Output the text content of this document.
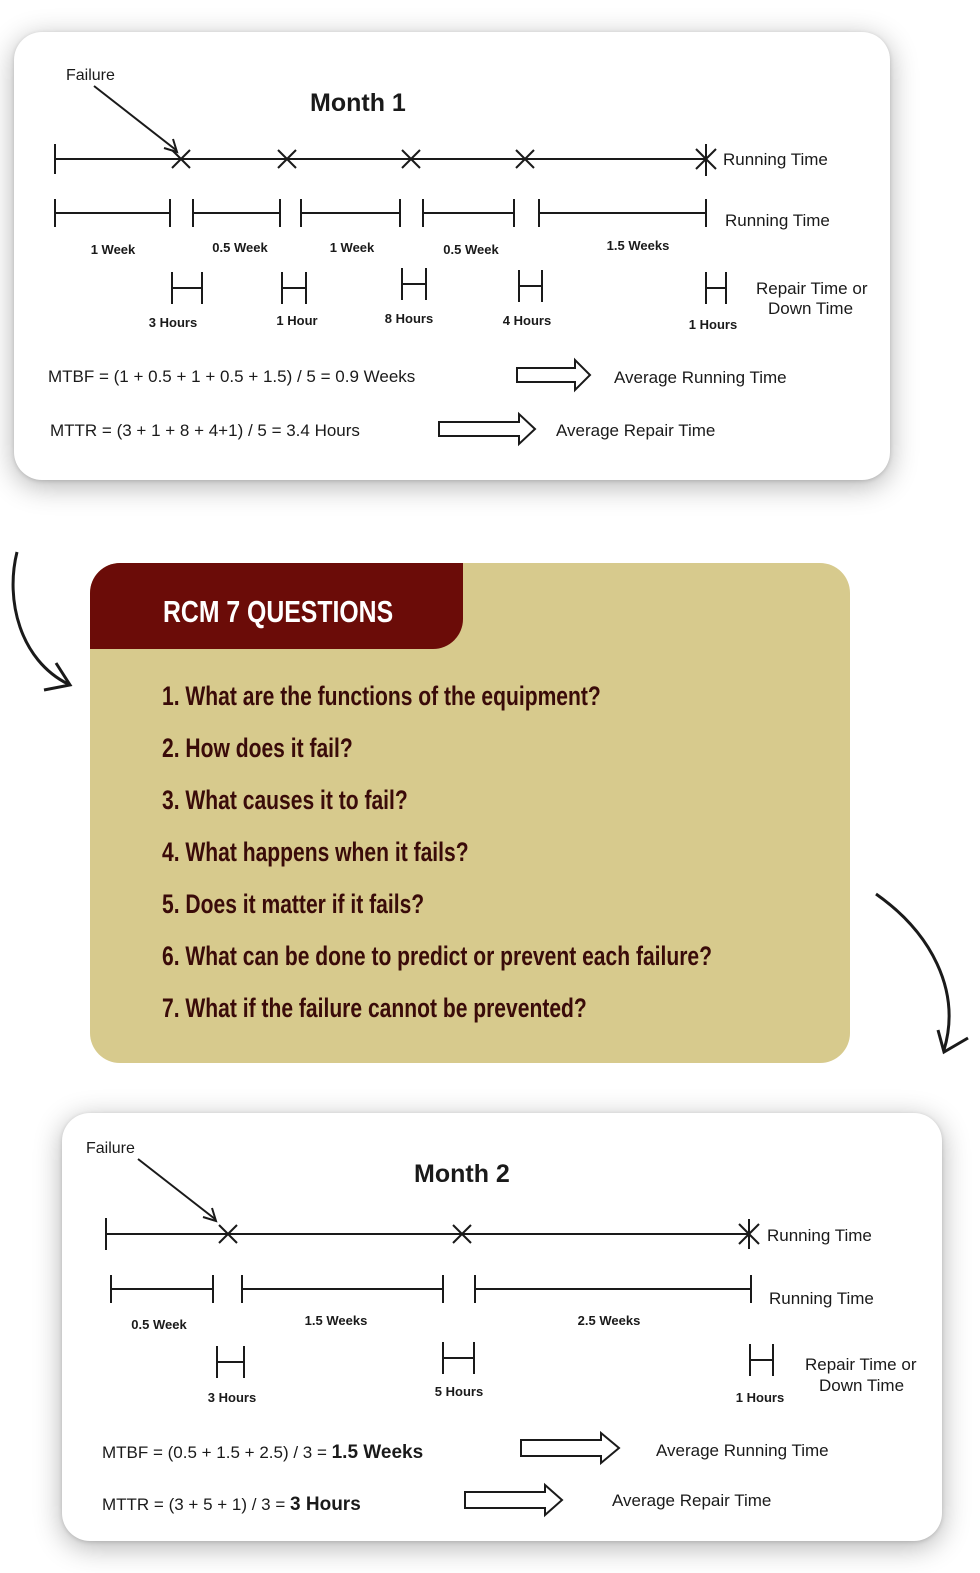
Failure
Month 1
Running Time
Running Time
1 Week	0.5 Week	1 Week	0.5 Week	1.5 Weeks
Repair Time or
Down Time
3 Hours	1 Hour	8 Hours	4 Hours	1 Hours
MTBF = (1 + 0.5 + 1 + 0.5 + 1.5) / 5 = 0.9 Weeks	Average Running Time
MTTR = (3 + 1 + 8 + 4+1) / 5 = 3.4 Hours	Average Repair Time
RCM 7 QUESTIONS
1. What are the functions of the equipment?
2. How does it fail?
3. What causes it to fail?
4. What happens when it fails?
5. Does it matter if it fails?
6. What can be done to predict or prevent each failure?
7. What if the failure cannot be prevented?
Failure
Month 2
Running Time
Running Time
0.5 Week	1.5 Weeks	2.5 Weeks
Repair Time or
Down Time
3 Hours	5 Hours	1 Hours
MTBF = (0.5 + 1.5 + 2.5) / 3 = 1.5 Weeks	Average Running Time
MTTR = (3 + 5 + 1) / 3 = 3 Hours	Average Repair Time
